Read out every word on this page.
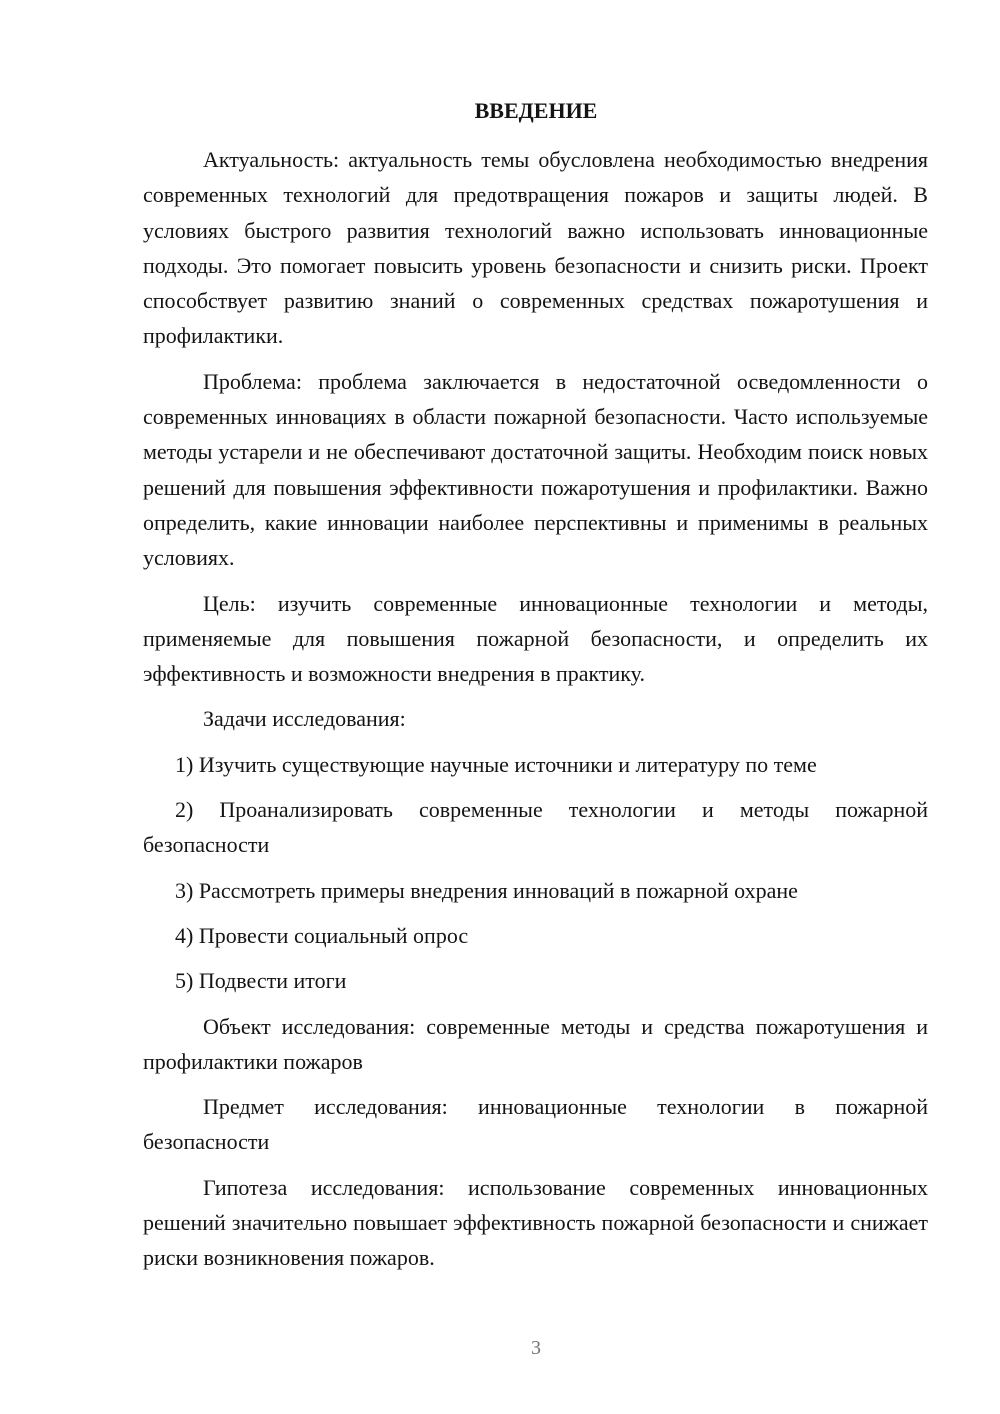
ВВЕДЕНИЕ

Актуальность: актуальность темы обусловлена необходимостью внедрения современных технологий для предотвращения пожаров и защиты людей. В условиях быстрого развития технологий важно использовать инновационные подходы. Это помогает повысить уровень безопасности и снизить риски. Проект способствует развитию знаний о современных средствах пожаротушения и профилактики.

Проблема: проблема заключается в недостаточной осведомленности о современных инновациях в области пожарной безопасности. Часто используемые методы устарели и не обеспечивают достаточной защиты. Необходим поиск новых решений для повышения эффективности пожаротушения и профилактики. Важно определить, какие инновации наиболее перспективны и применимы в реальных условиях.

Цель: изучить современные инновационные технологии и методы, применяемые для повышения пожарной безопасности, и определить их эффективность и возможности внедрения в практику.

Задачи исследования:

1) Изучить существующие научные источники и литературу по теме

2) Проанализировать современные технологии и методы пожарной безопасности

3) Рассмотреть примеры внедрения инноваций в пожарной охране

4) Провести социальный опрос

5) Подвести итоги

Объект исследования: современные методы и средства пожаротушения и профилактики пожаров

Предмет исследования: инновационные технологии в пожарной безопасности

Гипотеза исследования: использование современных инновационных решений значительно повышает эффективность пожарной безопасности и снижает риски возникновения пожаров.

3
